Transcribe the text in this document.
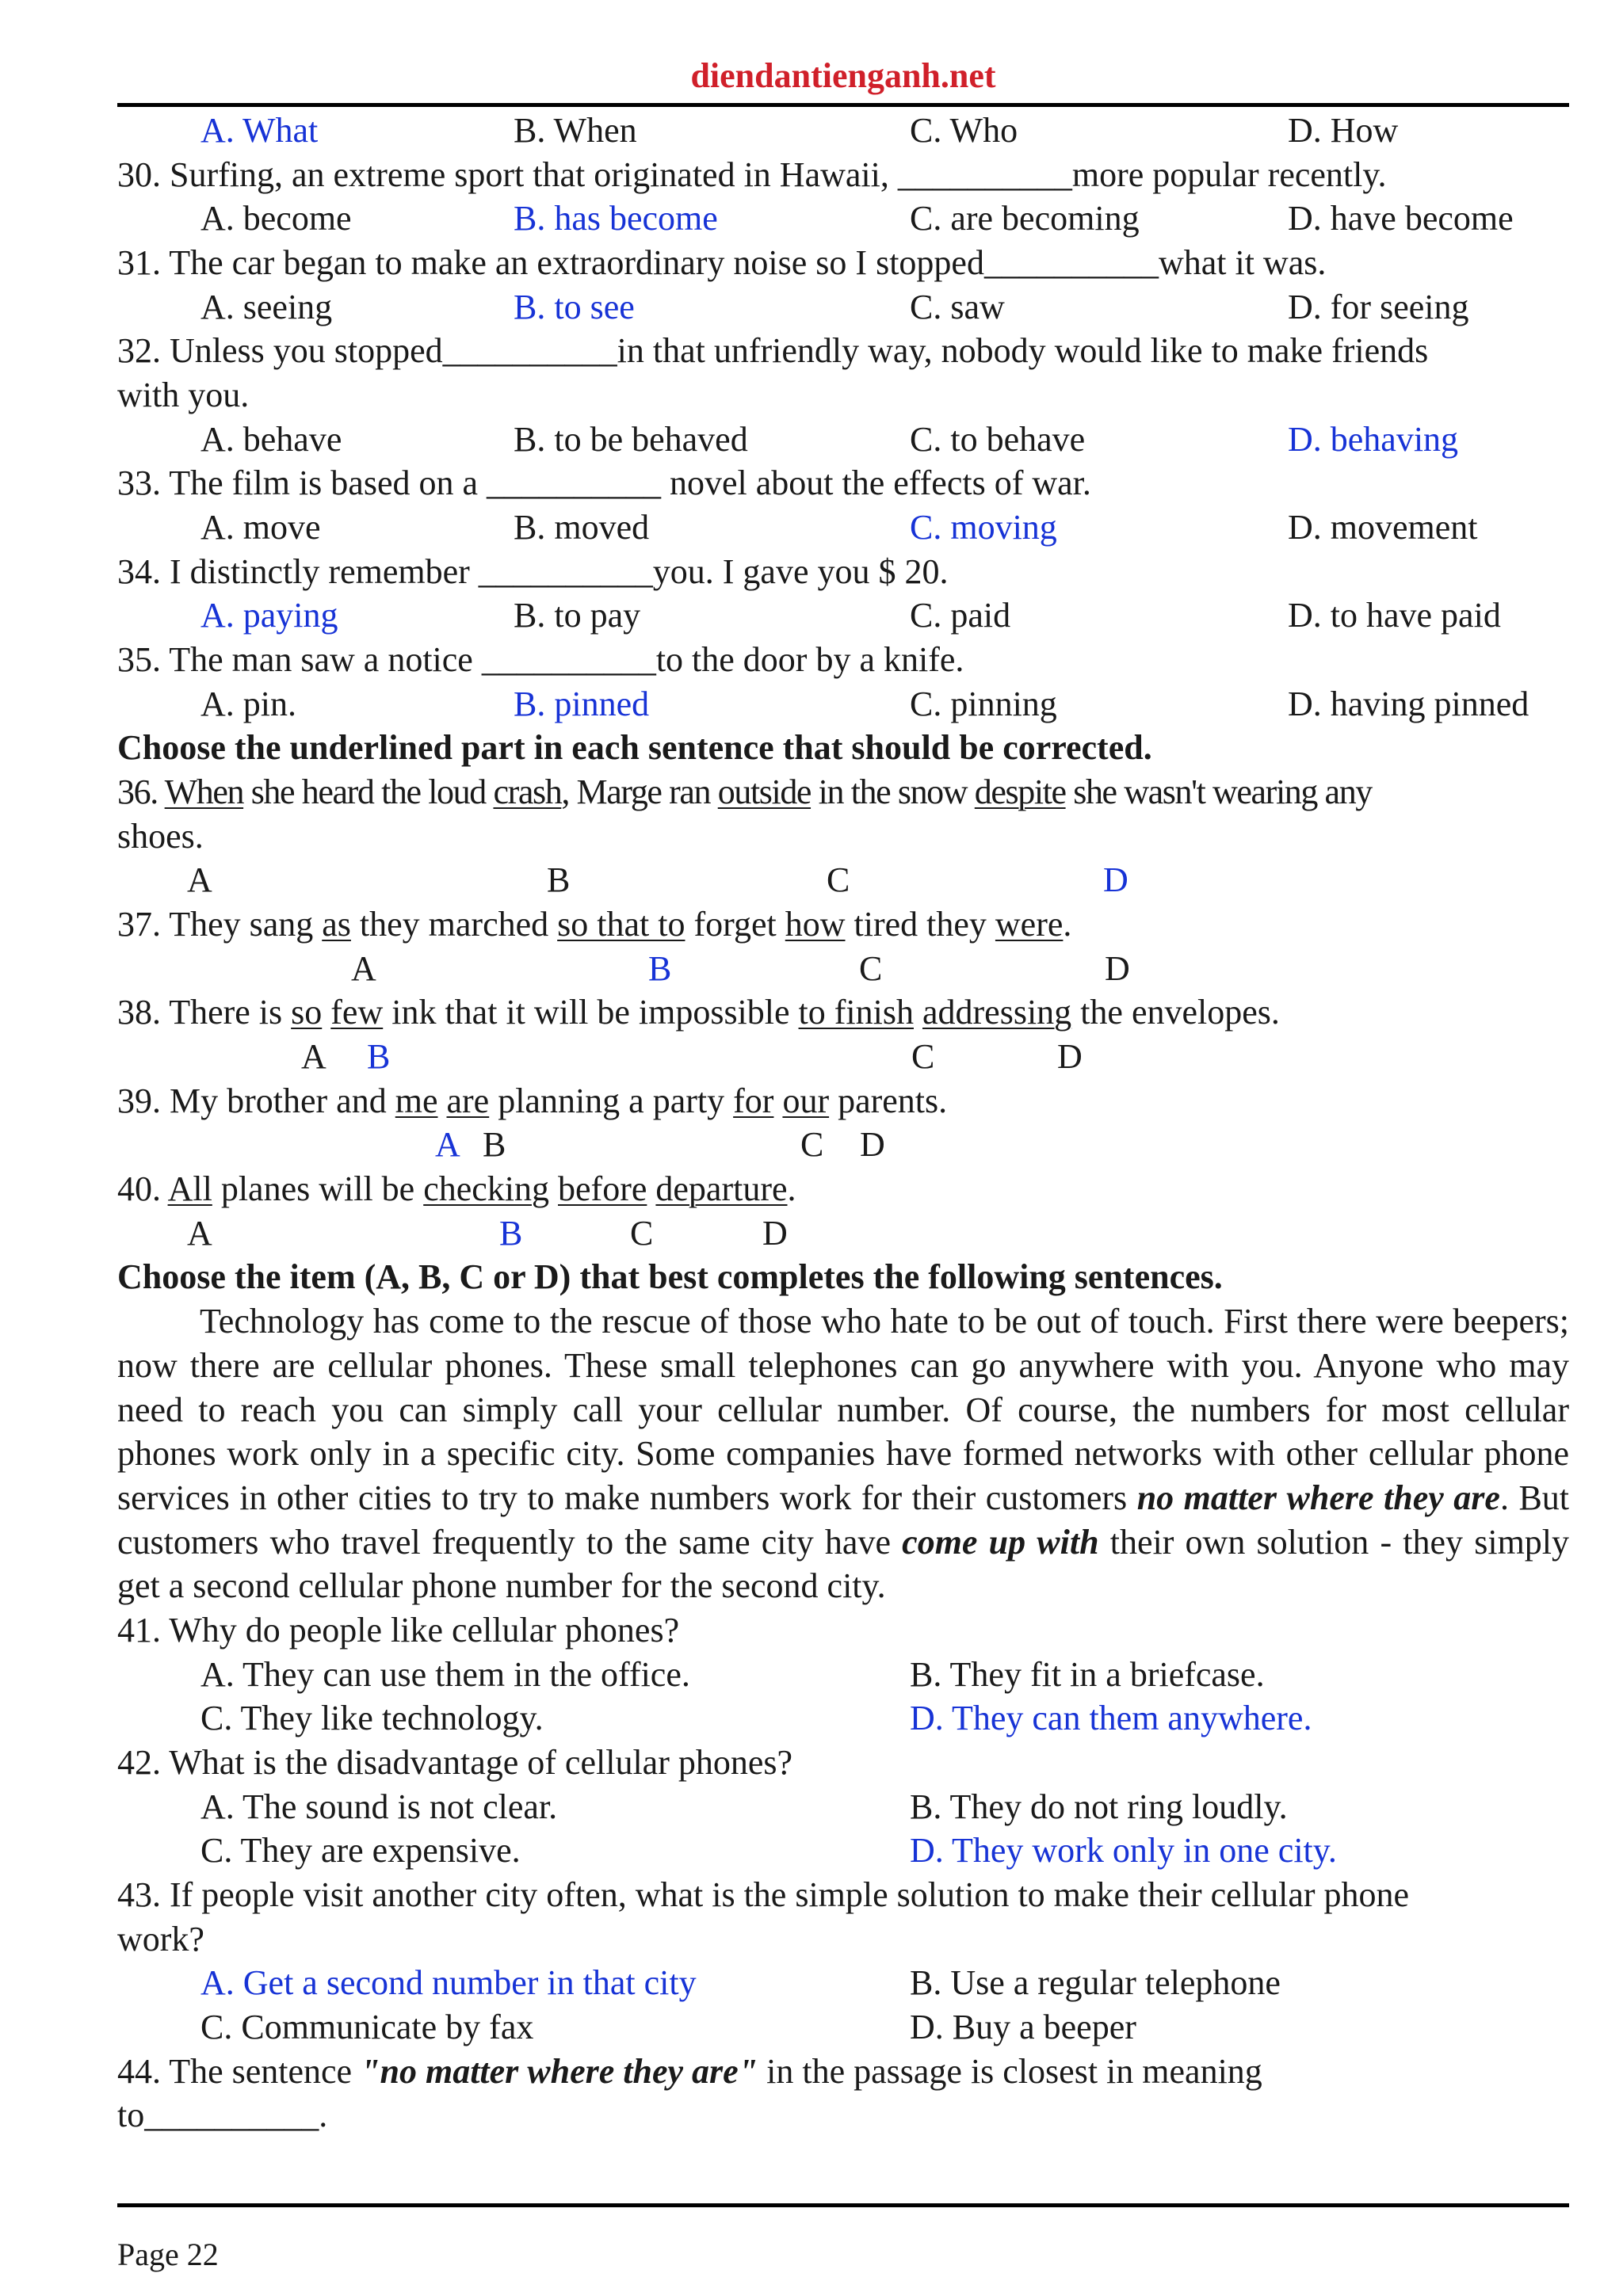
diendantienganh.net
A. What	B. When	C. Who	D. How
30. Surfing, an extreme sport that originated in Hawaii, __________more popular recently.
A. become	B. has become	C. are becoming	D. have become
31. The car began to make an extraordinary noise so I stopped__________what it was.
A. seeing	B. to see	C. saw	D. for seeing
32. Unless you stopped__________in that unfriendly way, nobody would like to make friends
with you.
A. behave	B. to be behaved	C. to behave	D. behaving
33. The film is based on a __________ novel about the effects of war.
A. move	B. moved	C. moving	D. movement
34. I distinctly remember __________you. I gave you $ 20.
A. paying	B. to pay	C. paid	D. to have paid
35. The man saw a notice __________to the door by a knife.
A. pin.	B. pinned	C. pinning	D. having pinned
Choose the underlined part in each sentence that should be corrected.
36. When she heard the loud crash, Marge ran outside in the snow despite she wasn't wearing any
shoes.
A	B	C	D
37. They sang as they marched so that to forget how tired they were.
A	B	C	D
38. There is so few ink that it will be impossible to finish addressing the envelopes.
A B	C	D
39. My brother and me are planning a party for our parents.
A B	C D
40. All planes will be checking before departure.
A	B	C	D
Choose the item (A, B, C or D) that best completes the following sentences.
Technology has come to the rescue of those who hate to be out of touch. First there were beepers; now there are cellular phones. These small telephones can go anywhere with you. Anyone who may need to reach you can simply call your cellular number. Of course, the numbers for most cellular phones work only in a specific city. Some companies have formed networks with other cellular phone services in other cities to try to make numbers work for their customers no matter where they are. But customers who travel frequently to the same city have come up with their own solution - they simply get a second cellular phone number for the second city.
41. Why do people like cellular phones?
A. They can use them in the office.	B. They fit in a briefcase.
C. They like technology.	D. They can them anywhere.
42. What is the disadvantage of cellular phones?
A. The sound is not clear.	B. They do not ring loudly.
C. They are expensive.	D. They work only in one city.
43. If people visit another city often, what is the simple solution to make their cellular phone
work?
A. Get a second number in that city	B. Use a regular telephone
C. Communicate by fax	D. Buy a beeper
44. The sentence "no matter where they are" in the passage is closest in meaning
to__________.
Page 22
